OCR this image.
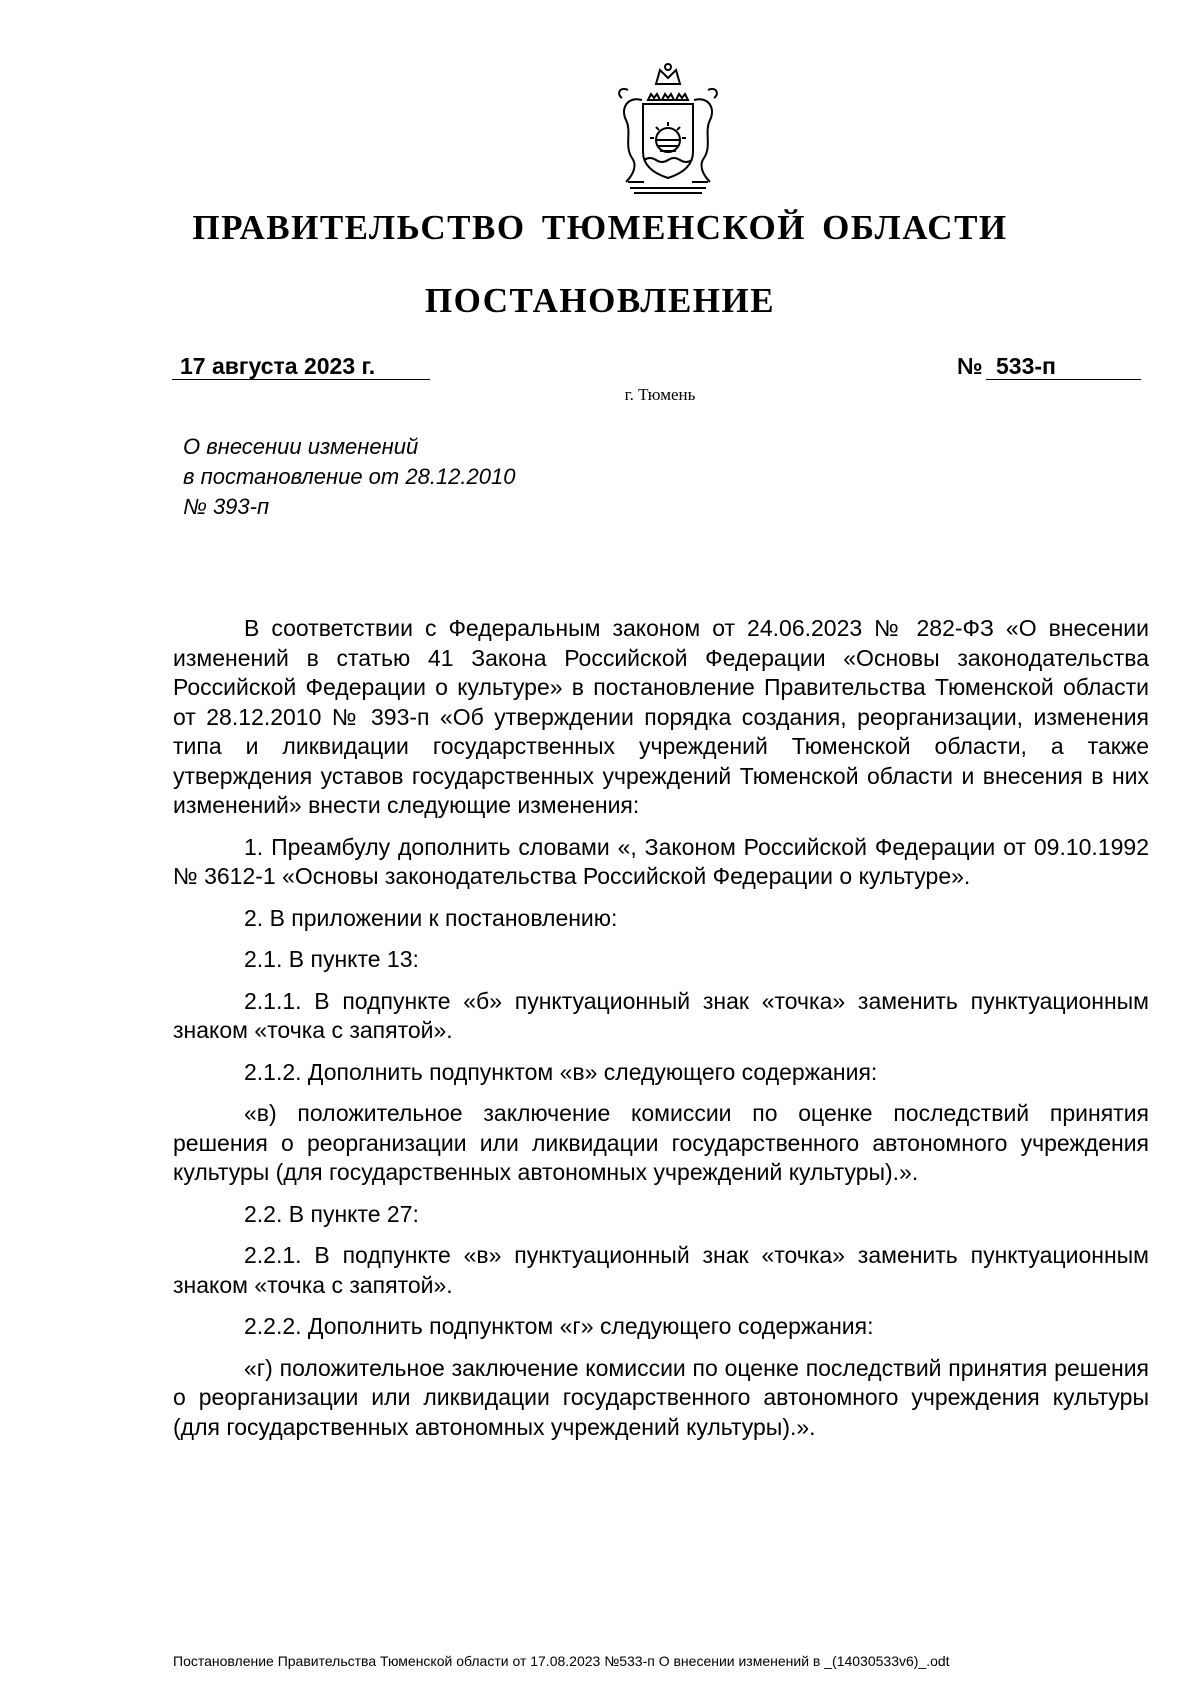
ПРАВИТЕЛЬСТВО ТЮМЕНСКОЙ ОБЛАСТИ
ПОСТАНОВЛЕНИЕ
17 августа 2023 г.	№ 533-п
г. Тюмень
О внесении изменений
в постановление от 28.12.2010
№ 393-п

В соответствии с Федеральным законом от 24.06.2023 № 282-ФЗ «О внесении изменений в статью 41 Закона Российской Федерации «Основы законодательства Российской Федерации о культуре» в постановление Правительства Тюменской области от 28.12.2010 № 393-п «Об утверждении порядка создания, реорганизации, изменения типа и ликвидации государственных учреждений Тюменской области, а также утверждения уставов государственных учреждений Тюменской области и внесения в них изменений» внести следующие изменения:

1. Преамбулу дополнить словами «, Законом Российской Федерации от 09.10.1992 № 3612-1 «Основы законодательства Российской Федерации о культуре».

2. В приложении к постановлению:

2.1. В пункте 13:

2.1.1. В подпункте «б» пунктуационный знак «точка» заменить пунктуационным знаком «точка с запятой».

2.1.2. Дополнить подпунктом «в» следующего содержания:

«в) положительное заключение комиссии по оценке последствий принятия решения о реорганизации или ликвидации государственного автономного учреждения культуры (для государственных автономных учреждений культуры).».

2.2. В пункте 27:

2.2.1. В подпункте «в» пунктуационный знак «точка» заменить пунктуационным знаком «точка с запятой».

2.2.2. Дополнить подпунктом «г» следующего содержания:

«г) положительное заключение комиссии по оценке последствий принятия решения о реорганизации или ликвидации государственного автономного учреждения культуры (для государственных автономных учреждений культуры).».

Постановление Правительства Тюменской области от 17.08.2023 №533-п О внесении изменений в _(14030533v6)_.odt
